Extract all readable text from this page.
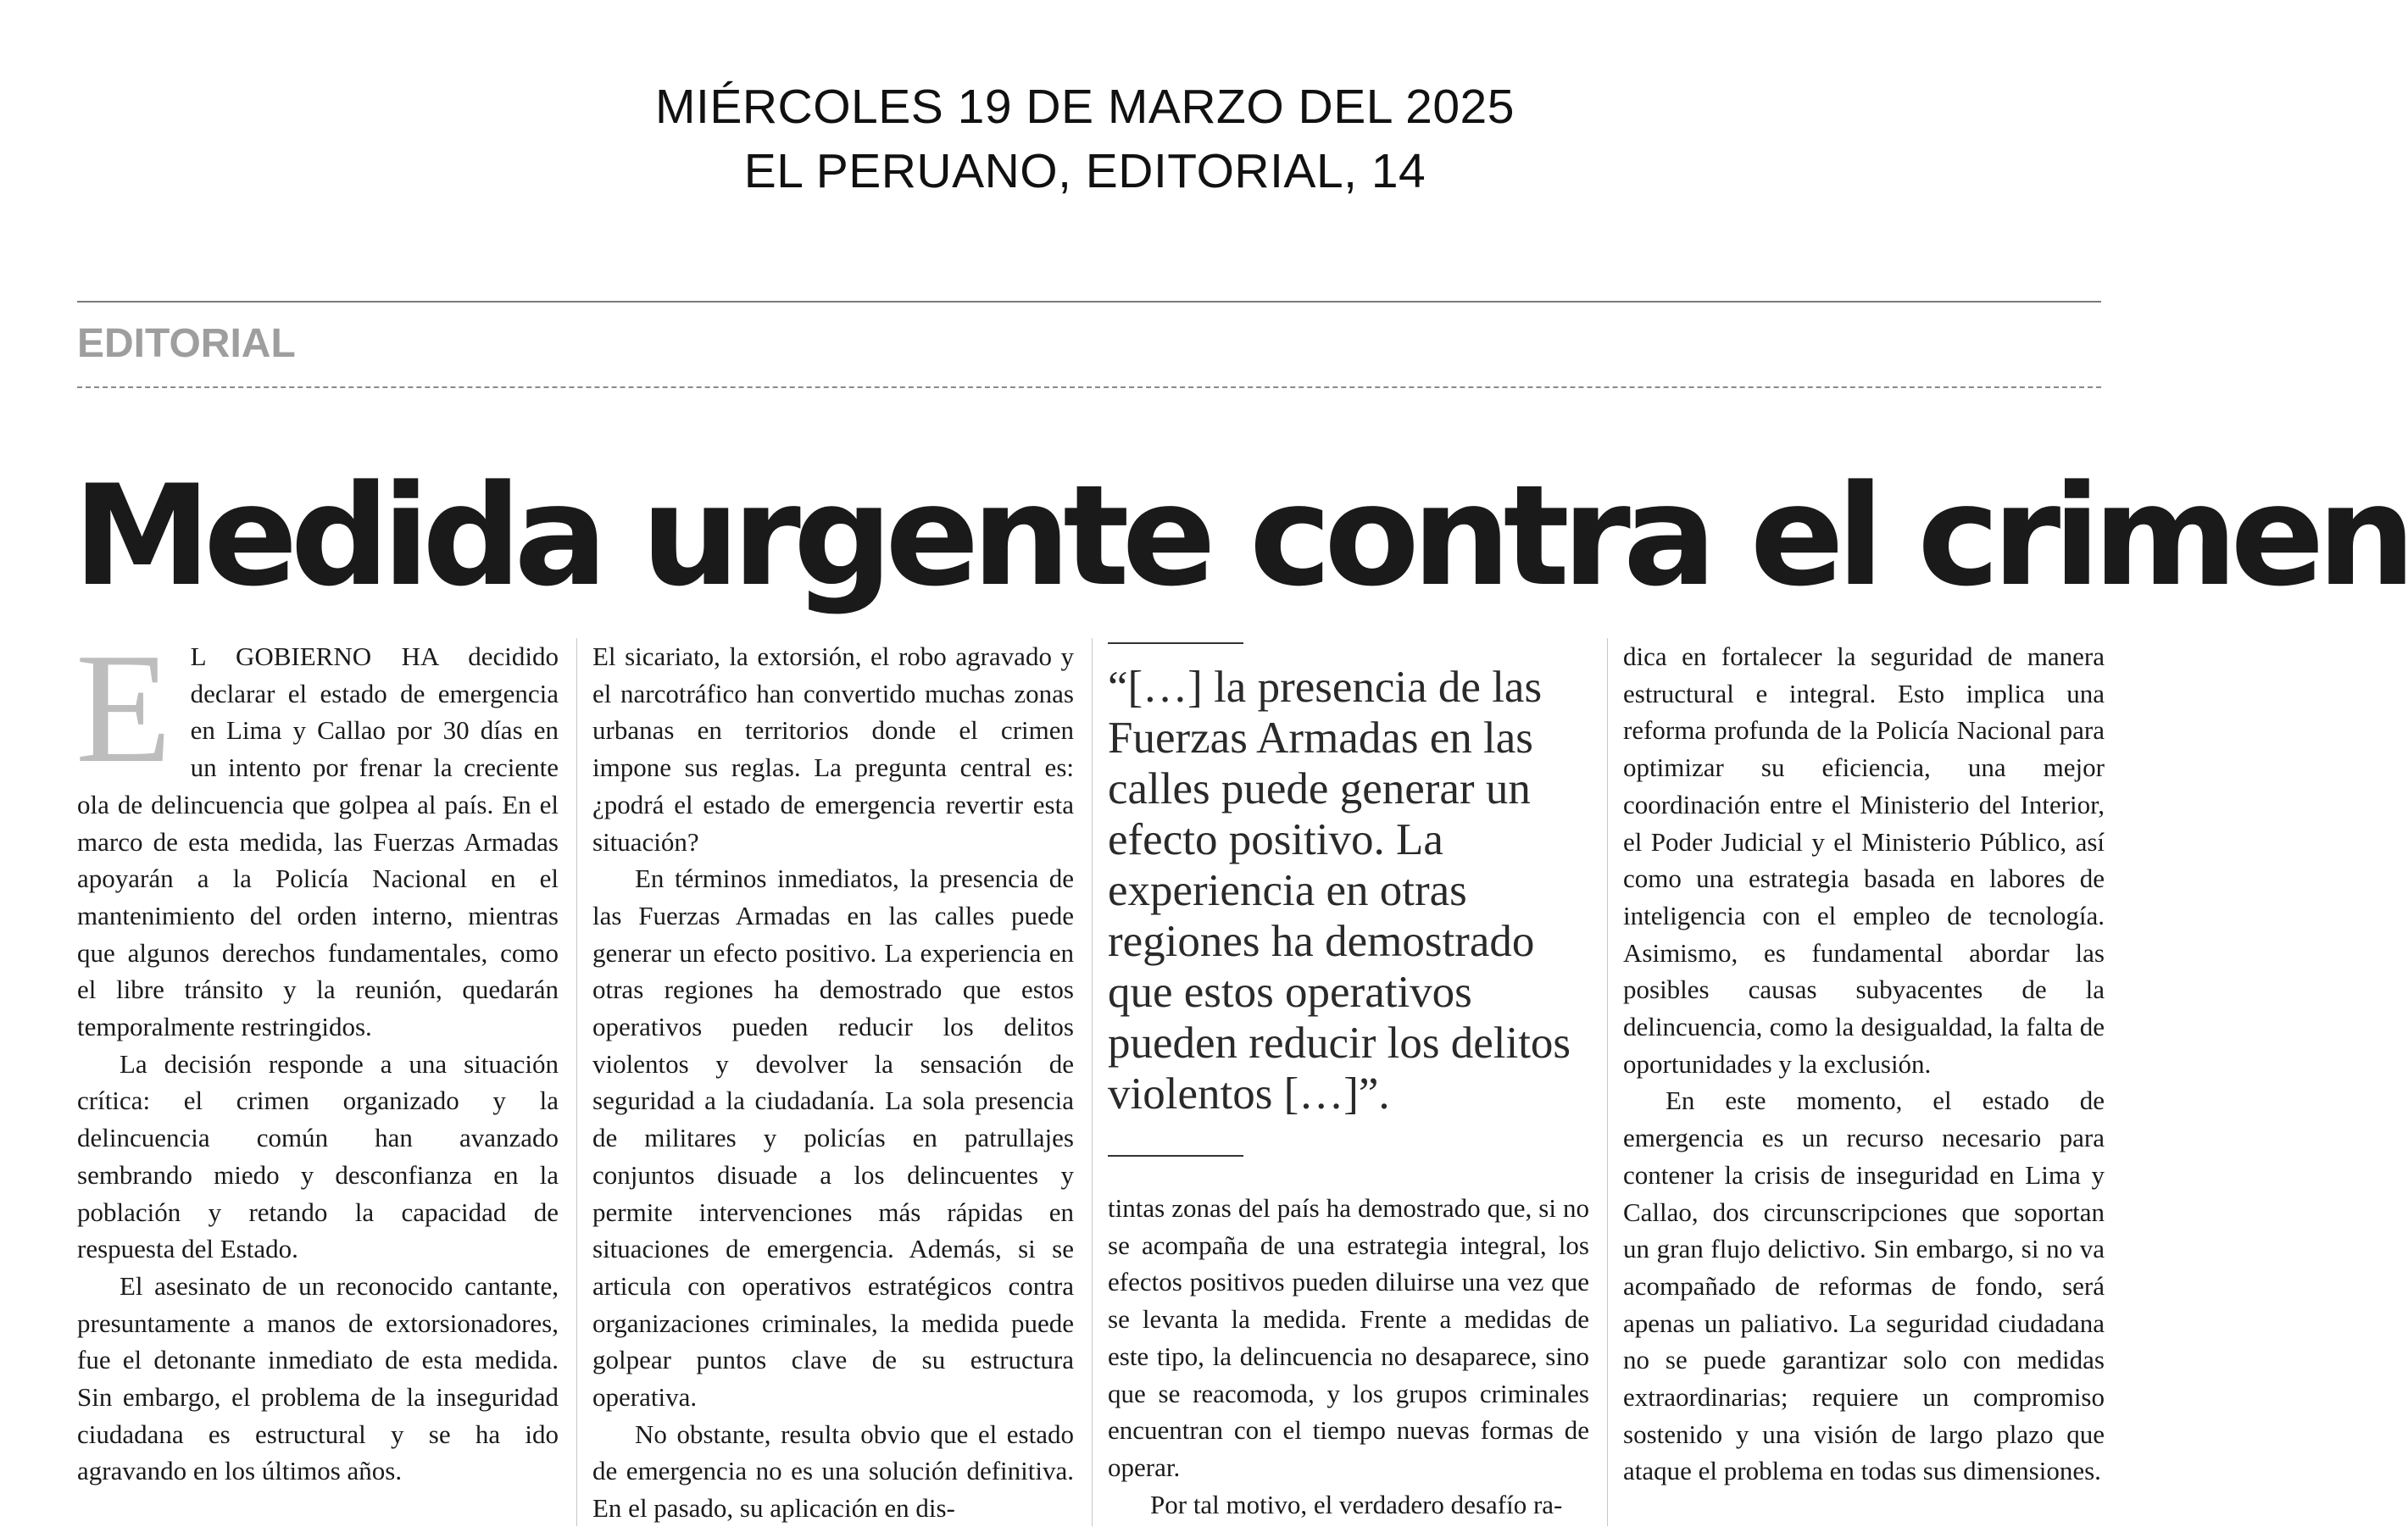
MIÉRCOLES 19 DE MARZO DEL 2025
EL PERUANO, EDITORIAL, 14
EDITORIAL
Medida urgente contra el crimen

E L GOBIERNO HA decidido declarar el estado de emergencia en Lima y Callao por 30 días en un intento por frenar la creciente ola de delincuencia que golpea al país. En el marco de esta medida, las Fuerzas Armadas apoyarán a la Policía Nacional en el mantenimiento del orden interno, mientras que algunos derechos fundamentales, como el libre tránsito y la reunión, quedarán temporalmente restringidos.

La decisión responde a una situación crítica: el crimen organizado y la delincuencia común han avanzado sembrando miedo y desconfianza en la población y retando la capacidad de respuesta del Estado.

El asesinato de un reconocido cantante, presuntamente a manos de extorsionadores, fue el detonante inmediato de esta medida. Sin embargo, el problema de la inseguridad ciudadana es estructural y se ha ido agravando en los últimos años.

El sicariato, la extorsión, el robo agravado y el narcotráfico han convertido muchas zonas urbanas en territorios donde el crimen impone sus reglas. La pregunta central es: ¿podrá el estado de emergencia revertir esta situación?

En términos inmediatos, la presencia de las Fuerzas Armadas en las calles puede generar un efecto positivo. La experiencia en otras regiones ha demostrado que estos operativos pueden reducir los delitos violentos y devolver la sensación de seguridad a la ciudadanía. La sola presencia de militares y policías en patrullajes conjuntos disuade a los delincuentes y permite intervenciones más rápidas en situaciones de emergencia. Además, si se articula con operativos estratégicos contra organizaciones criminales, la medida puede golpear puntos clave de su estructura operativa.

No obstante, resulta obvio que el estado de emergencia no es una solución definitiva. En el pasado, su aplicación en dis-

“[…] la presencia de las Fuerzas Armadas en las calles puede generar un efecto positivo. La experiencia en otras regiones ha demostrado que estos operativos pueden reducir los delitos violentos […]”.

tintas zonas del país ha demostrado que, si no se acompaña de una estrategia integral, los efectos positivos pueden diluirse una vez que se levanta la medida. Frente a medidas de este tipo, la delincuencia no desaparece, sino que se reacomoda, y los grupos criminales encuentran con el tiempo nuevas formas de operar.

Por tal motivo, el verdadero desafío ra-

dica en fortalecer la seguridad de manera estructural e integral. Esto implica una reforma profunda de la Policía Nacional para optimizar su eficiencia, una mejor coordinación entre el Ministerio del Interior, el Poder Judicial y el Ministerio Público, así como una estrategia basada en labores de inteligencia con el empleo de tecnología. Asimismo, es fundamental abordar las posibles causas subyacentes de la delincuencia, como la desigualdad, la falta de oportunidades y la exclusión.

En este momento, el estado de emergencia es un recurso necesario para contener la crisis de inseguridad en Lima y Callao, dos circunscripciones que soportan un gran flujo delictivo. Sin embargo, si no va acompañado de reformas de fondo, será apenas un paliativo. La seguridad ciudadana no se puede garantizar solo con medidas extraordinarias; requiere un compromiso sostenido y una visión de largo plazo que ataque el problema en todas sus dimensiones.
